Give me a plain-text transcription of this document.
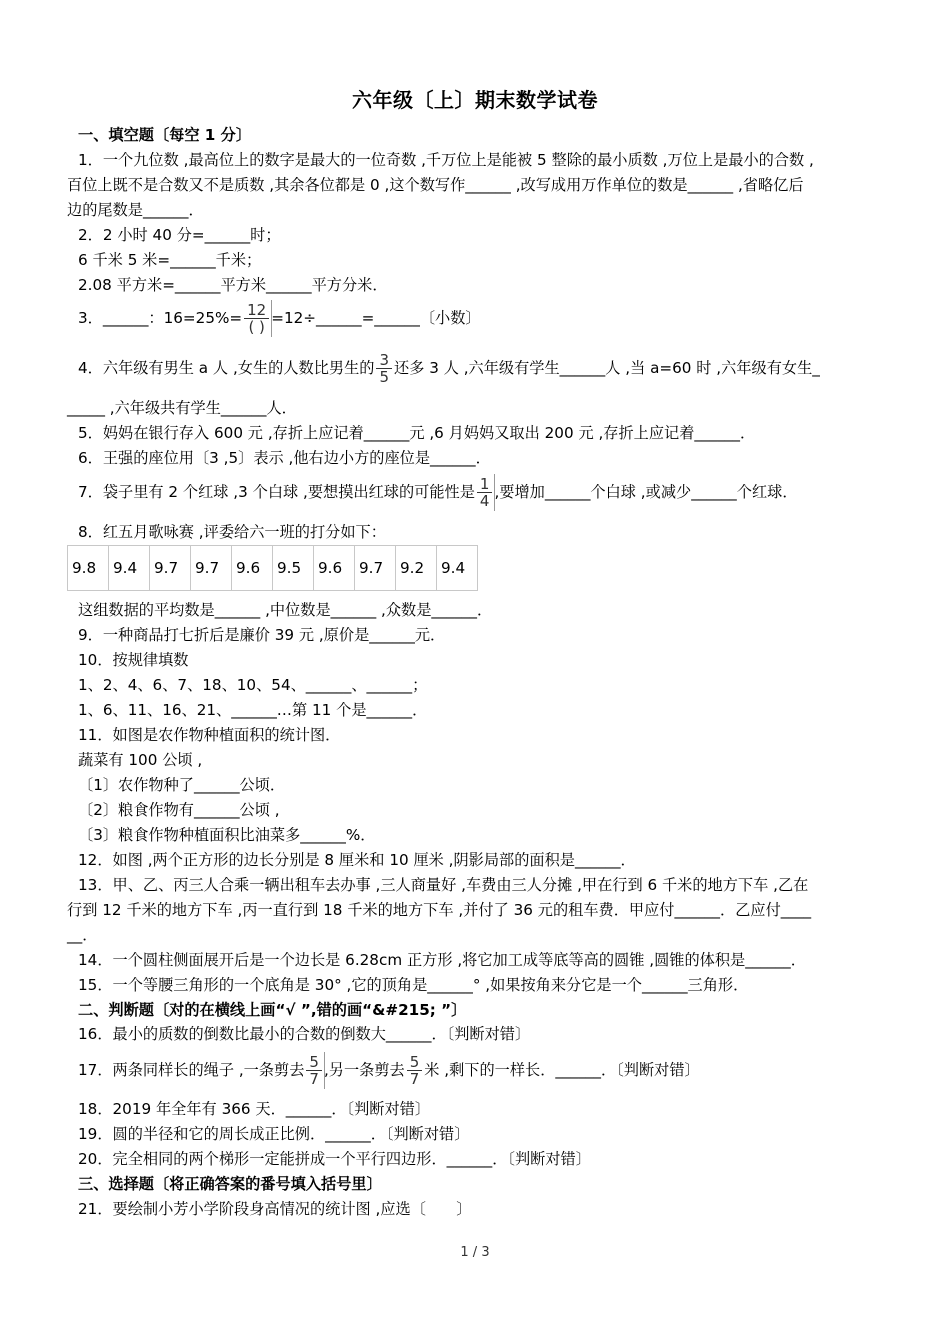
六年级〔上〕期末数学试卷
一、填空题〔每空 1 分〕
1．一个九位数 ,最高位上的数字是最大的一位奇数 ,千万位上是能被 5 整除的最小质数 ,万位上是最小的合数 ,
百位上既不是合数又不是质数 ,其余各位都是 0 ,这个数写作______ ,改写成用万作单位的数是______ ,省略亿后
边的尾数是______．
2．2 小时 40 分=______时；
6 千米 5 米=______千米；
2.08 平方米=______平方米______平方分米．
3．______：$16=25\%= \frac{12}{( )}$ =12÷______=______〔小数〕
4．六年级有男生 a 人 ,女生的人数比男生的 $\frac{3}{5}$ 还多 3 人 ,六年级有学生______人 ,当 a=60 时 ,六年级有女生_
_____ ,六年级共有学生______人．
5．妈妈在银行存入 600 元 ,存折上应记着______元 ,6 月妈妈又取出 200 元 ,存折上应记着______．
6．王强的座位用〔3 ,5〕表示 ,他右边小方的座位是______．
7．袋子里有 2 个红球 ,3 个白球 ,要想摸出红球的可能性是 $\frac{1}{4}$ ,要增加______个白球 ,或减少______个红球．
8．红五月歌咏赛 ,评委给六一班的打分如下：
9.8	9.4	9.7	9.7	9.6	9.5	9.6	9.7	9.2	9.4
这组数据的平均数是______ ,中位数是______ ,众数是______．
9．一种商品打七折后是廉价 39 元 ,原价是______元．
10．按规律填数
1、2、4、6、7、18、10、54、______、______；
1、6、11、16、21、______…第 11 个是______．
11．如图是农作物种植面积的统计图．
蔬菜有 100 公顷 ,
〔1〕农作物种了______公顷．
〔2〕粮食作物有______公顷 ,
〔3〕粮食作物种植面积比油菜多______%．
12．如图 ,两个正方形的边长分别是 8 厘米和 10 厘米 ,阴影局部的面积是______．
13．甲、乙、丙三人合乘一辆出租车去办事 ,三人商量好 ,车费由三人分摊 ,甲在行到 6 千米的地方下车 ,乙在
行到 12 千米的地方下车 ,丙一直行到 18 千米的地方下车 ,并付了 36 元的租车费．甲应付______．乙应付____
__．
14．一个圆柱侧面展开后是一个边长是 6.28cm 正方形 ,将它加工成等底等高的圆锥 ,圆锥的体积是______．
15．一个等腰三角形的一个底角是 30° ,它的顶角是______° ,如果按角来分它是一个______三角形．
二、判断题〔对的在横线上画“√ ”,错的画“&#215; ”〕
16．最小的质数的倒数比最小的合数的倒数大______．〔判断对错〕
17．两条同样长的绳子 ,一条剪去 $\frac{5}{7}$ ,另一条剪去 $\frac{5}{7}$ 米 ,剩下的一样长．______．〔判断对错〕
18．2019 年全年有 366 天．______．〔判断对错〕
19．圆的半径和它的周长成正比例．______．〔判断对错〕
20．完全相同的两个梯形一定能拼成一个平行四边形．______．〔判断对错〕
三、选择题〔将正确答案的番号填入括号里〕
21．要绘制小芳小学阶段身高情况的统计图 ,应选〔　　〕
1 / 3
